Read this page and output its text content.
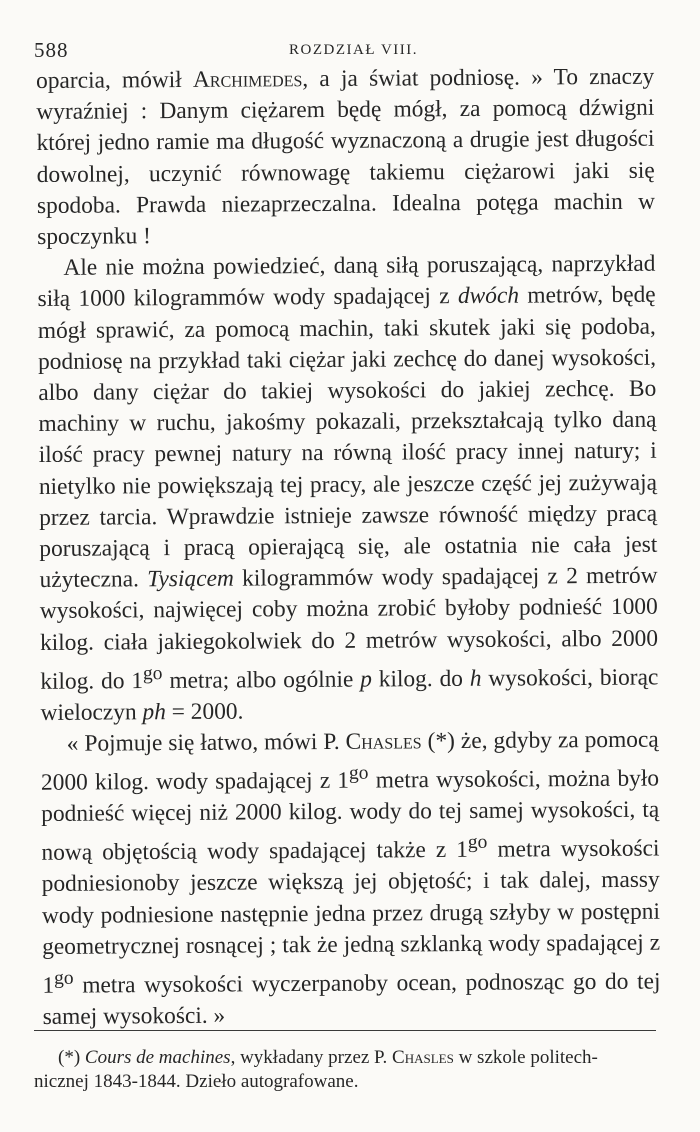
588	ROZDZIAŁ VIII.

oparcia, mówił Archimedes, a ja świat podniosę. » To znaczy wyraźniej : Danym ciężarem będę mógł, za pomocą dźwigni której jedno ramie ma długość wyznaczoną a drugie jest długości dowolnej, uczynić równowagę takiemu ciężarowi jaki się spodoba. Prawda niezaprzeczalna. Idealna potęga machin w spoczynku !

Ale nie można powiedzieć, daną siłą poruszającą, naprzykład siłą 1000 kilogrammów wody spadającej z dwóch metrów, będę mógł sprawić, za pomocą machin, taki skutek jaki się podoba, podniosę na przykład taki ciężar jaki zechcę do danej wysokości, albo dany ciężar do takiej wysokości do jakiej zechcę. Bo machiny w ruchu, jakośmy pokazali, przekształcają tylko daną ilość pracy pewnej natury na równą ilość pracy innej natury; i nietylko nie powiększają tej pracy, ale jeszcze część jej zużywają przez tarcia. Wprawdzie istnieje zawsze równość między pracą poruszającą i pracą opierającą się, ale ostatnia nie cała jest użyteczna. Tysiącem kilogrammów wody spadającej z 2 metrów wysokości, najwięcej coby można zrobić byłoby podnieść 1000 kilog. ciała jakiegokolwiek do 2 metrów wysokości, albo 2000 kilog. do $1^{go}$ metra; albo ogólnie p kilog. do h wysokości, biorąc wieloczyn ph = 2000.

« Pojmuje się łatwo, mówi P. Chasles (*) że, gdyby za pomocą 2000 kilog. wody spadającej z $1^{go}$ metra wysokości, można było podnieść więcej niż 2000 kilog. wody do tej samej wysokości, tą nową objętością wody spadającej także z $1^{go}$ metra wysokości podniesionoby jeszcze większą jej objętość; i tak dalej, massy wody podniesione następnie jedna przez drugą szłyby w postępni geometrycznej rosnącej ; tak że jedną szklanką wody spadającej z $1^{go}$ metra wysokości wyczerpanoby ocean, podnosząc go do tej samej wysokości. »

(*) Cours de machines, wykładany przez P. Chasles w szkole politech-
nicznej 1843-1844. Dzieło autografowane.
